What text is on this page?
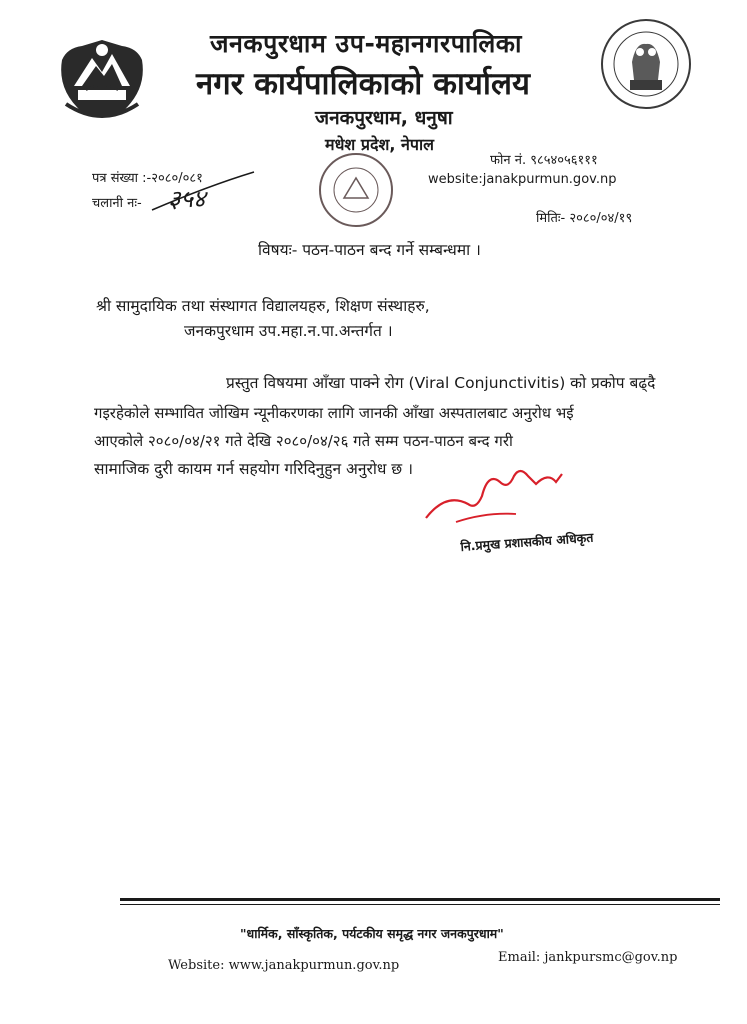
जनकपुरधाम उप-महानगरपालिका
नगर कार्यपालिकाको कार्यालय
जनकपुरधाम, धनुषा
मधेश प्रदेश, नेपाल
पत्र संख्या :-२०८०/०८१
चलानी नः- ३५४
फोन नं. ९८५४०५६१११
website:janakpurmun.gov.np
मितिः- २०८०/०४/१९
विषयः- पठन-पाठन बन्द गर्ने सम्बन्धमा ।
श्री सामुदायिक तथा संस्थागत विद्यालयहरु, शिक्षण संस्थाहरु,
जनकपुरधाम उप.महा.न.पा.अन्तर्गत ।
प्रस्तुत विषयमा आँखा पाक्ने रोग (Viral Conjunctivitis) को प्रकोप बढ्दै
गइरहेकोले सम्भावित जोखिम न्यूनीकरणका लागि जानकी आँखा अस्पतालबाट अनुरोध भई
आएकोले २०८०/०४/२१ गते देखि २०८०/०४/२६ गते सम्म पठन-पाठन बन्द गरी
सामाजिक दुरी कायम गर्न सहयोग गरिदिनुहुन अनुरोध छ ।
नि.प्रमुख प्रशासकीय अधिकृत
"धार्मिक, साँस्कृतिक, पर्यटकीय समृद्ध नगर जनकपुरधाम"
Website: www.janakpurmun.gov.np
Email: jankpursmc@gov.np
